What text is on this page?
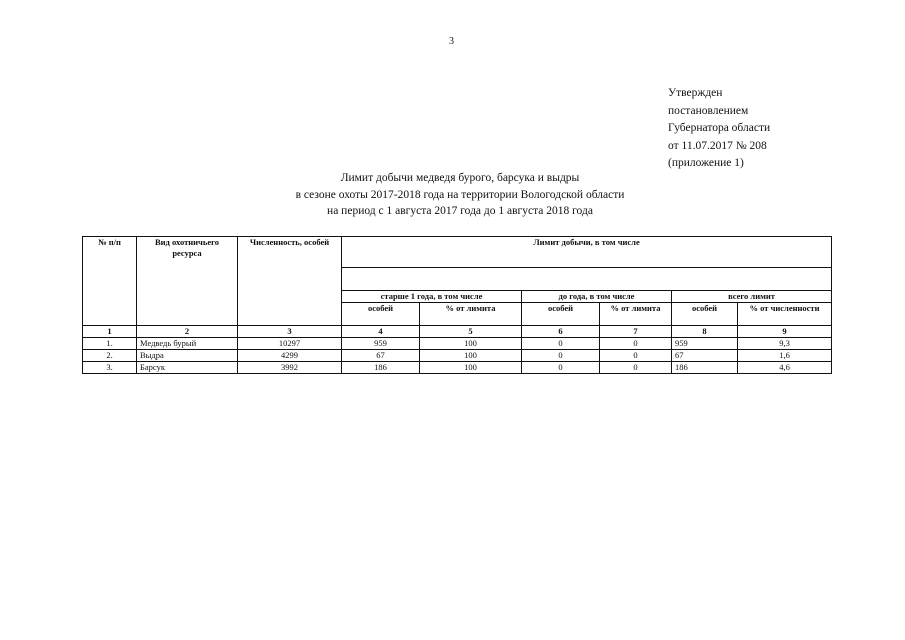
3
Утвержден
постановлением
Губернатора области
от 11.07.2017 № 208
(приложение 1)
Лимит добычи медведя бурого, барсука и выдры
в сезоне охоты 2017-2018 года на территории Вологодской области
на период с 1 августа 2017 года до 1 августа 2018 года
№ п/п	Вид охотничьего ресурса	Численность, особей	Лимит добычи, в том числе					

			старше 1 года, в том числе		до года, в том числе		всего лимит	
			особей	% от лимита	особей	% от лимита	особей	% от численности
1	2	3	4	5	6	7	8	9
1.	Медведь бурый	10297	959	100	0	0	959	9,3
2.	Выдра	4299	67	100	0	0	67	1,6
3.	Барсук	3992	186	100	0	0	186	4,6
